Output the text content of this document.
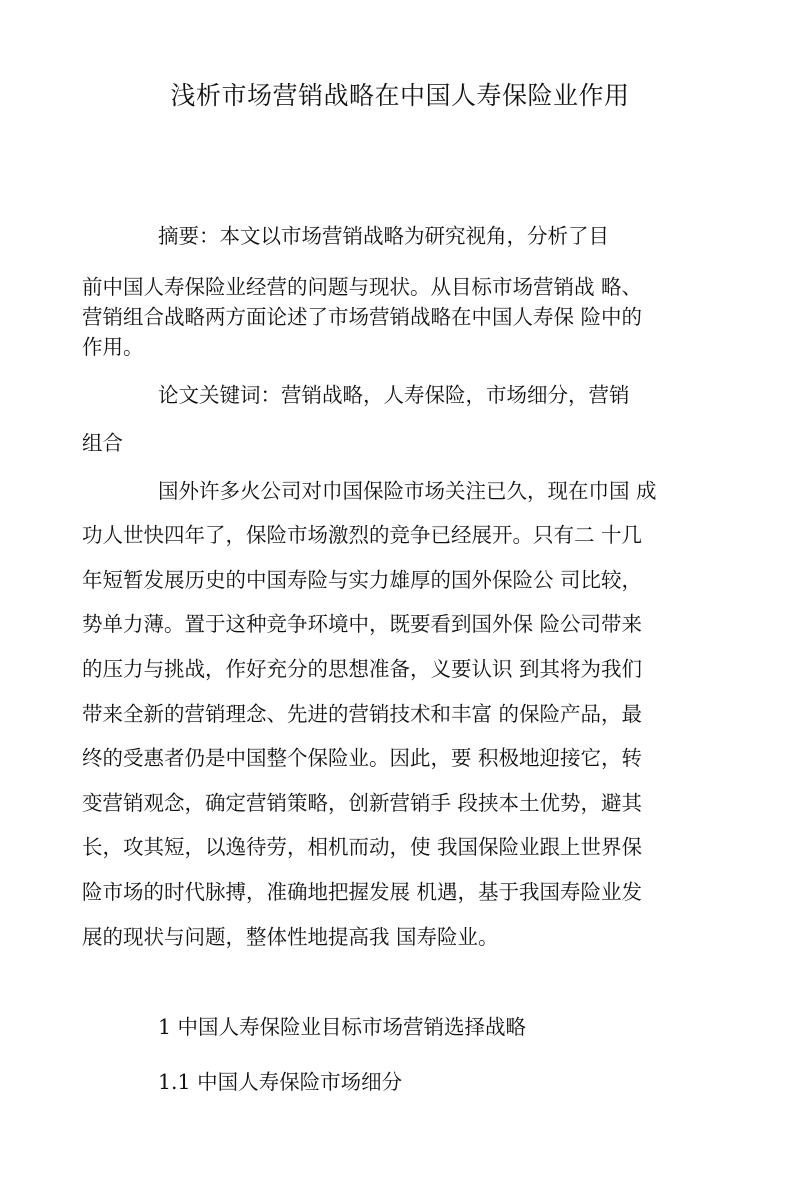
浅析市场营销战略在中国人寿保险业作用
摘要：本文以市场营销战略为研究视角，分析了目
前中国人寿保险业经营的问题与现状。从目标市场营销战 略、
营销组合战略两方面论述了市场营销战略在中国人寿保 险中的
作用。
论文关键词：营销战略，人寿保险，市场细分，营销
组合
国外许多火公司对巾国保险市场关注已久，现在巾国 成
功人世快四年了，保险市场激烈的竞争已经展开。只有二 十几
年短暂发展历史的中国寿险与实力雄厚的国外保险公 司比较，
势单力薄。置于这种竞争环境中，既要看到国外保 险公司带来
的压力与挑战，作好充分的思想准备，义要认识 到其将为我们
带来全新的营销理念、先进的营销技术和丰富 的保险产品，最
终的受惠者仍是中国整个保险业。因此，要 积极地迎接它，转
变营销观念，确定营销策略，创新营销手 段挟本土优势，避其
长，攻其短，以逸待劳，相机而动，使 我国保险业跟上世界保
险市场的时代脉搏，准确地把握发展 机遇，基于我国寿险业发
展的现状与问题，整体性地提高我 国寿险业。
1 中国人寿保险业目标市场营销选择战略
1.1 中国人寿保险市场细分
